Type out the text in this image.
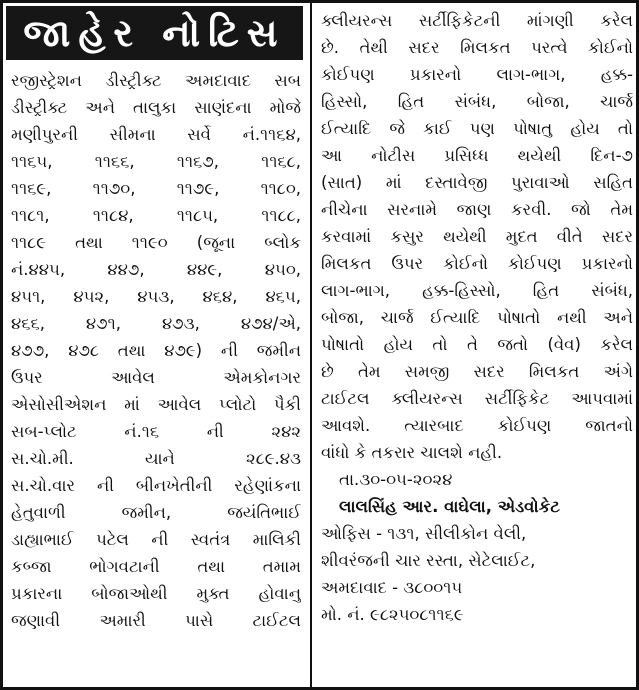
જાહેર નોટિસ
રજીસ્ટ્રેશન ડીસ્ટ્રીક્ટ અમદાવાદ સબ
ડીસ્ટ્રીક્ટ અને તાલુકા સાણંદના મોજે
મણીપુરની સીમના સર્વે નં.૧૧૬૪,
૧૧૬૫, ૧૧૬૬, ૧૧૬૭, ૧૧૬૮,
૧૧૬૯, ૧૧૭૦, ૧૧૭૯, ૧૧૮૦,
૧૧૮૧, ૧૧૮૪, ૧૧૮૫, ૧૧૮૮,
૧૧૮૯ તથા ૧૧૯૦ (જૂના બ્લોક
નં.૪૪૫, ૪૪૭, ૪૪૯, ૪૫૦,
૪૫૧, ૪૫૨, ૪૫૩, ૪૬૪, ૪૬૫,
૪૬૬, ૪૭૧, ૪૭૩, ૪૭૪/એ,
૪૭૭, ૪૭૮ તથા ૪૭૯) ની જમીન
ઉપર આવેલ એમકોનગર
એસોસીએશન માં આવેલ પ્લોટો પૈકી
સબ-પ્લોટ નં.૧૬ ની ૨૪૨
સ.ચો.મી. યાને ૨૮૯.૪૩
સ.ચો.વાર ની બીનખેતીની રહેણાંકના
હેતુવાળી જમીન, જયંતિભાઈ
ડાહ્યાભાઈ પટેલ ની સ્વતંત્ર માલિકી
કબ્જા ભોગવટાની તથા તમામ
પ્રકારના બોજાઓથી મુક્ત હોવાનુ
જણાવી અમારી પાસે ટાઈટલ
ક્લીયરન્સ સર્ટીફિકેટની માંગણી કરેલ
છે. તેથી સદર મિલકત પરત્વે કોઈનો
કોઈપણ પ્રકારનો લાગ-ભાગ, હક્ક-
હિસ્સો, હિત સંબંધ, બોજા, ચાર્જ
ઈત્યાદિ જે કાઈ પણ પોષાતુ હોય તો
આ નોટીસ પ્રસિધ્ધ થયેથી દિન-૭
(સાત) માં દસ્તાવેજી પુરાવાઓ સહિત
નીચેના સરનામે જાણ કરવી. જો તેમ
કરવામાં કસુર થયેથી મુદત વીતે સદર
મિલકત ઉપર કોઈનો કોઈપણ પ્રકારનો
લાગ-ભાગ, હક્ક-હિસ્સો, હિત સંબંધ,
બોજા, ચાર્જ ઈત્યાદિ પોષાતો નથી અને
પોષાતો હોય તો તે જતો (વેવ) કરેલ
છે તેમ સમજી સદર મિલકત અંગે
ટાઈટલ ક્લીયરન્સ સર્ટીફિકેટ આપવામાં
આવશે. ત્યારબાદ કોઈપણ જાતનો
વાંધો કે તકરાર ચાલશે નહી.
તા.૩૦-૦૫-૨૦૨૪
લાલસિંહ આર. વાઘેલા, એડવોકેટ
ઓફિસ - ૧૩૧, સીલીકોન વેલી,
શીવરંજની ચાર રસ્તા, સેટેલાઈટ,
અમદાવાદ - ૩૮૦૦૧૫
મો. નં. ૯૮૨૫૦૮૧૧૬૯
